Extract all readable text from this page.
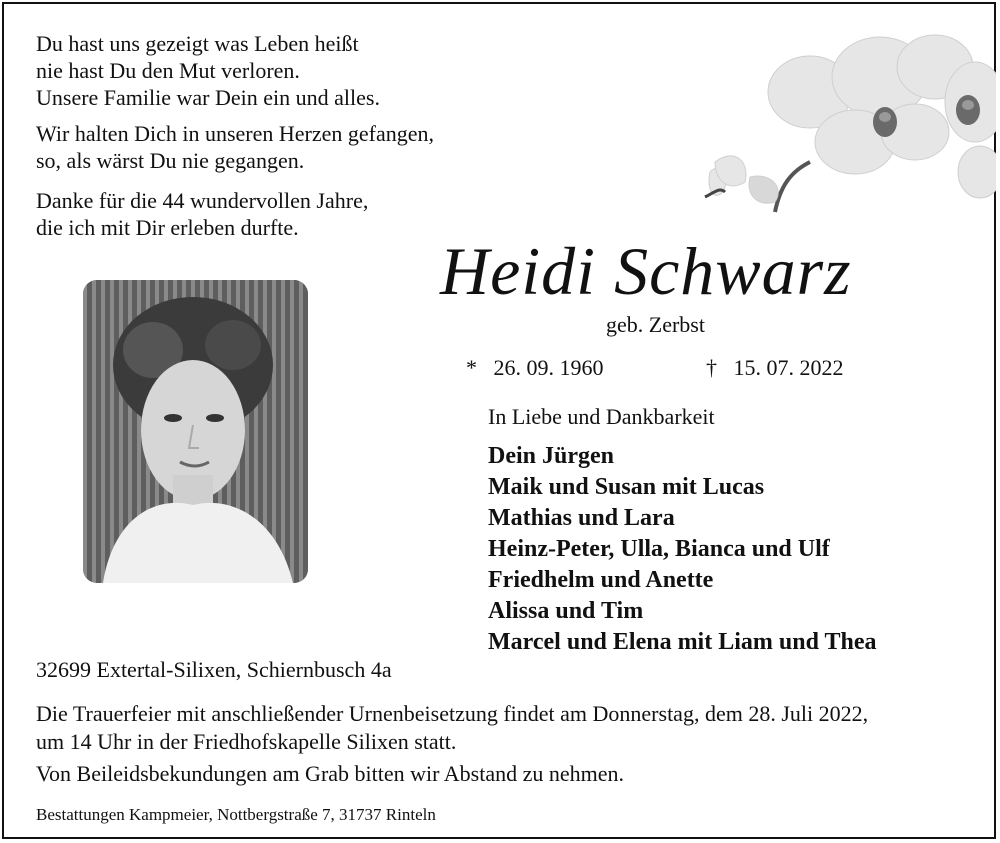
Du hast uns gezeigt was Leben heißt
nie hast Du den Mut verloren.
Unsere Familie war Dein ein und alles.
Wir halten Dich in unseren Herzen gefangen,
so, als wärst Du nie gegangen.
Danke für die 44 wundervollen Jahre,
die ich mit Dir erleben durfte.
Heidi Schwarz
geb. Zerbst
* 26. 09. 1960	† 15. 07. 2022
In Liebe und Dankbarkeit
Dein Jürgen
Maik und Susan mit Lucas
Mathias und Lara
Heinz-Peter, Ulla, Bianca und Ulf
Friedhelm und Anette
Alissa und Tim
Marcel und Elena mit Liam und Thea
32699 Extertal-Silixen, Schiernbusch 4a
Die Trauerfeier mit anschließender Urnenbeisetzung findet am Donnerstag, dem 28. Juli 2022,
um 14 Uhr in der Friedhofskapelle Silixen statt.
Von Beileidsbekundungen am Grab bitten wir Abstand zu nehmen.
Bestattungen Kampmeier, Nottbergstraße 7, 31737 Rinteln
